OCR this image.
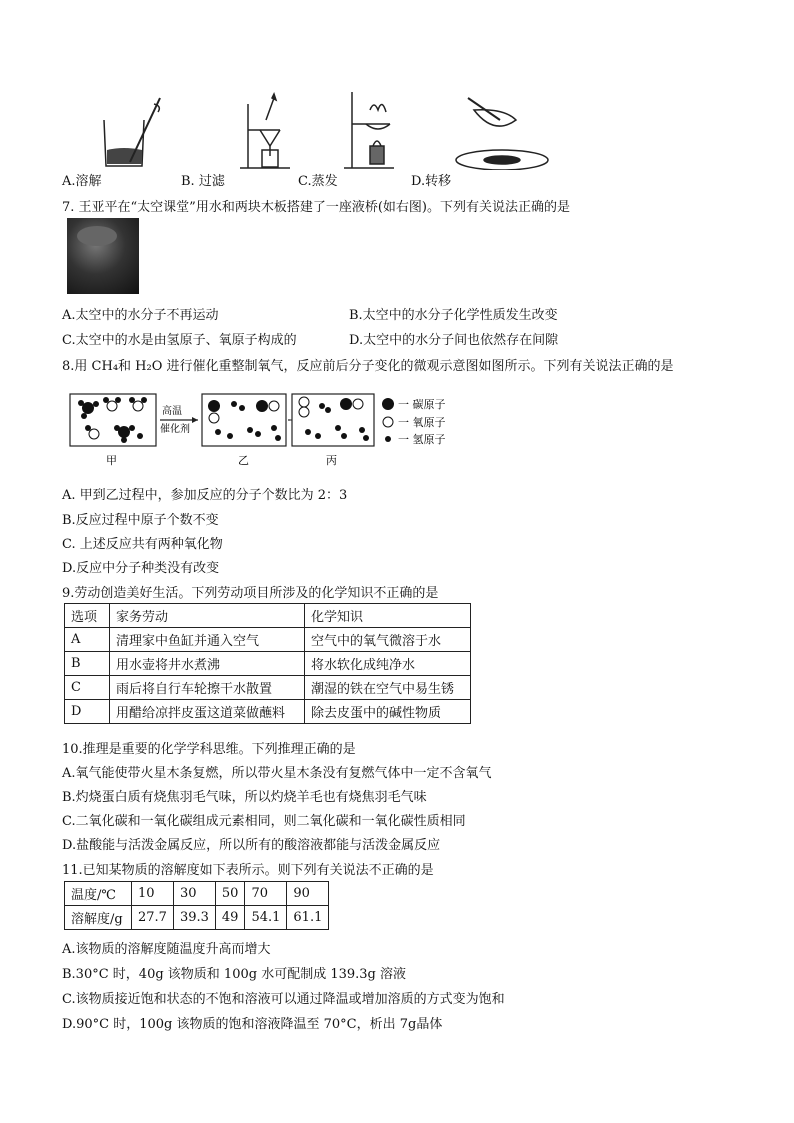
A.溶解	B. 过滤	C.蒸发	D.转移
7. 王亚平在“太空课堂”用水和两块木板搭建了一座液桥(如右图)。下列有关说法正确的是
A.太空中的水分子不再运动	B.太空中的水分子化学性质发生改变
C.太空中的水是由氢原子、氧原子构成的	D.太空中的水分子间也依然存在间隙
8.用 CH₄和 H₂O 进行催化重整制氧气，反应前后分子变化的微观示意图如图所示。下列有关说法正确的是
高温
催化剂
甲	乙	丙
一 碳原子
一 氧原子
一 氢原子
A. 甲到乙过程中，参加反应的分子个数比为 2：3
B.反应过程中原子个数不变
C. 上述反应共有两种氧化物
D.反应中分子种类没有改变
9.劳动创造美好生活。下列劳动项目所涉及的化学知识不正确的是
选项	家务劳动	化学知识
A	清理家中鱼缸并通入空气	空气中的氧气微溶于水
B	用水壶将井水煮沸	将水软化成纯净水
C	雨后将自行车轮擦干水散置	潮湿的铁在空气中易生锈
D	用醋给凉拌皮蛋这道菜做蘸料	除去皮蛋中的碱性物质
10.推理是重要的化学学科思维。下列推理正确的是
A.氧气能使带火星木条复燃，所以带火星木条没有复燃气体中一定不含氧气
B.灼烧蛋白质有烧焦羽毛气味，所以灼烧羊毛也有烧焦羽毛气味
C.二氧化碳和一氧化碳组成元素相同，则二氧化碳和一氧化碳性质相同
D.盐酸能与活泼金属反应，所以所有的酸溶液都能与活泼金属反应
11.已知某物质的溶解度如下表所示。则下列有关说法不正确的是
温度/℃	10	30	50	70	90
溶解度/g	27.7	39.3	49	54.1	61.1
A.该物质的溶解度随温度升高而增大
B.30°C 时，40g 该物质和 100g 水可配制成 139.3g 溶液
C.该物质接近饱和状态的不饱和溶液可以通过降温或增加溶质的方式变为饱和
D.90°C 时，100g 该物质的饱和溶液降温至 70°C，析出 7g晶体
